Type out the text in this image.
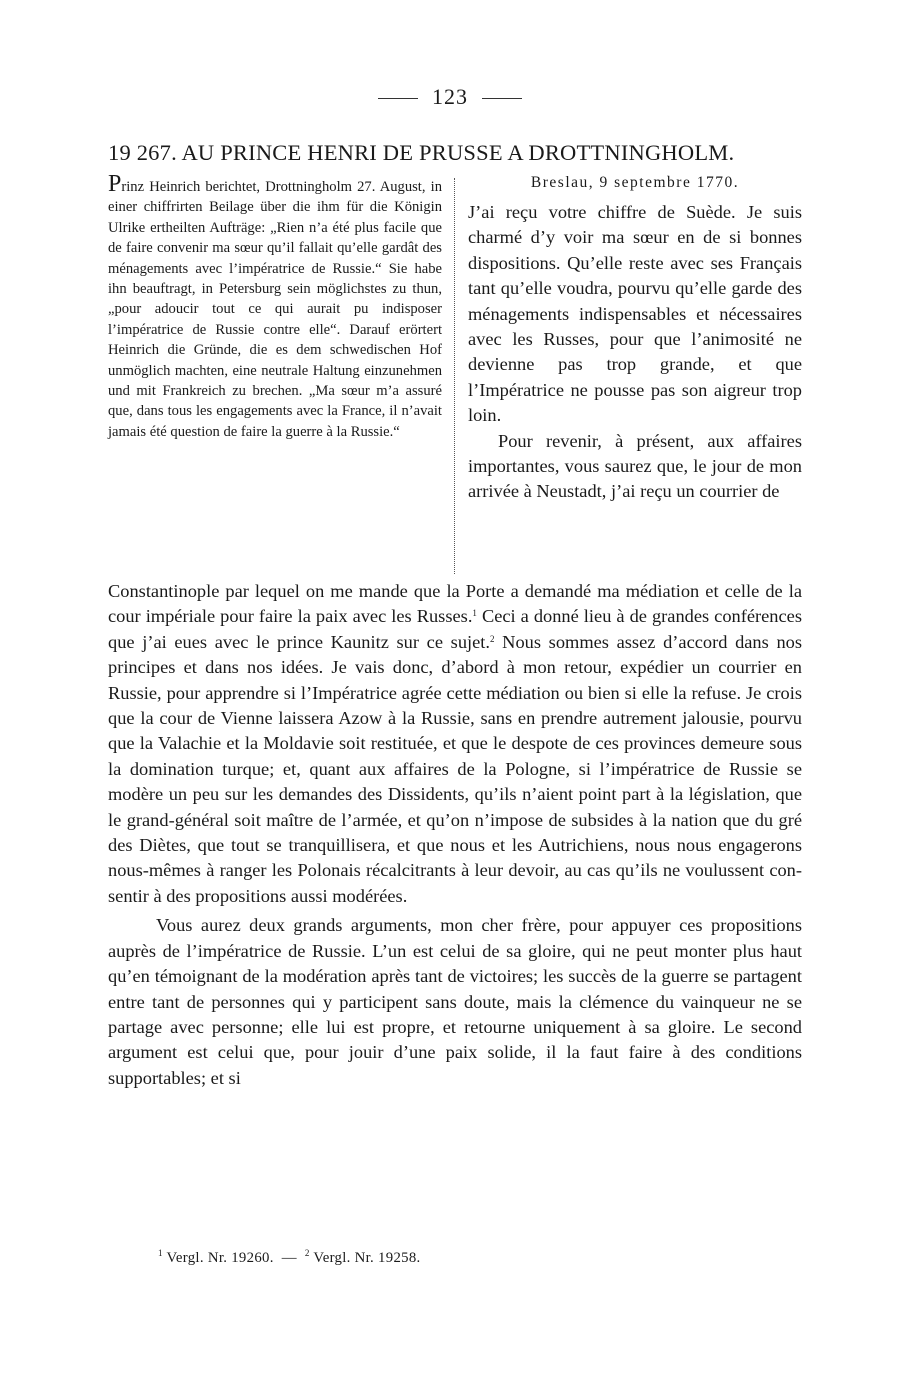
123
19 267. AU PRINCE HENRI DE PRUSSE A DROTTNINGHOLM.
Prinz Heinrich berichtet, Drottningholm 27. August, in einer chiffrirten Beilage über die ihm für die Königin Ulrike ertheilten Aufträge: „Rien n’a été plus facile que de faire convenir ma sœur qu’il fallait qu’elle gardât des ménagements avec l’impératrice de Russie.“ Sie habe ihn beauftragt, in Petersburg sein möglichstes zu thun, „pour adoucir tout ce qui aurait pu indisposer l’impératrice de Russie contre elle“. Darauf erörtert Heinrich die Gründe, die es dem schwedischen Hof unmöglich machten, eine neutrale Haltung einzunehmen und mit Frankreich zu brechen. „Ma sœur m’a assuré que, dans tous les engagements avec la France, il n’avait jamais été question de faire la guerre à la Russie.“
Breslau, 9 septembre 1770.

J’ai reçu votre chiffre de Suède. Je suis charmé d’y voir ma sœur en de si bonnes dispositions. Qu’elle reste avec ses Français tant qu’elle voudra, pourvu qu’elle garde des ménagements indispensables et nécessaires avec les Russes, pour que l’animosité ne devienne pas trop grande, et que l’Impératrice ne pousse pas son aigreur trop loin.

Pour revenir, à présent, aux affaires importantes, vous saurez que, le jour de mon arrivée à Neustadt, j’ai reçu un courrier de

Constantinople par lequel on me mande que la Porte a demandé ma médiation et celle de la cour impériale pour faire la paix avec les Russes.$^1$ Ceci a donné lieu à de grandes conférences que j’ai eues avec le prince Kaunitz sur ce sujet.$^2$ Nous sommes assez d’accord dans nos principes et dans nos idées. Je vais donc, d’abord à mon retour, expédier un courrier en Russie, pour apprendre si l’Impératrice agrée cette médiation ou bien si elle la refuse. Je crois que la cour de Vienne laissera Azow à la Russie, sans en prendre autrement jalousie, pourvu que la Valachie et la Moldavie soit restituée, et que le despote de ces provinces demeure sous la domination turque; et, quant aux affaires de la Pologne, si l’impératrice de Russie se modère un peu sur les demandes des Dissidents, qu’ils n’aient point part à la législation, que le grand-général soit maître de l’armée, et qu’on n’impose de subsides à la nation que du gré des Diètes, que tout se tranquillisera, et que nous et les Autrichiens, nous nous engagerons nous-mêmes à ranger les Polonais récalcitrants à leur devoir, au cas qu’ils ne voulussent consentir à des propositions aussi modérées.

Vous aurez deux grands arguments, mon cher frère, pour appuyer ces propositions auprès de l’impératrice de Russie. L’un est celui de sa gloire, qui ne peut monter plus haut qu’en témoignant de la modération après tant de victoires; les succès de la guerre se partagent entre tant de personnes qui y participent sans doute, mais la clémence du vainqueur ne se partage avec personne; elle lui est propre, et retourne uniquement à sa gloire. Le second argument est celui que, pour jouir d’une paix solide, il la faut faire à des conditions supportables; et si

$^1$ Vergl. Nr. 19260. — $^2$ Vergl. Nr. 19258.
